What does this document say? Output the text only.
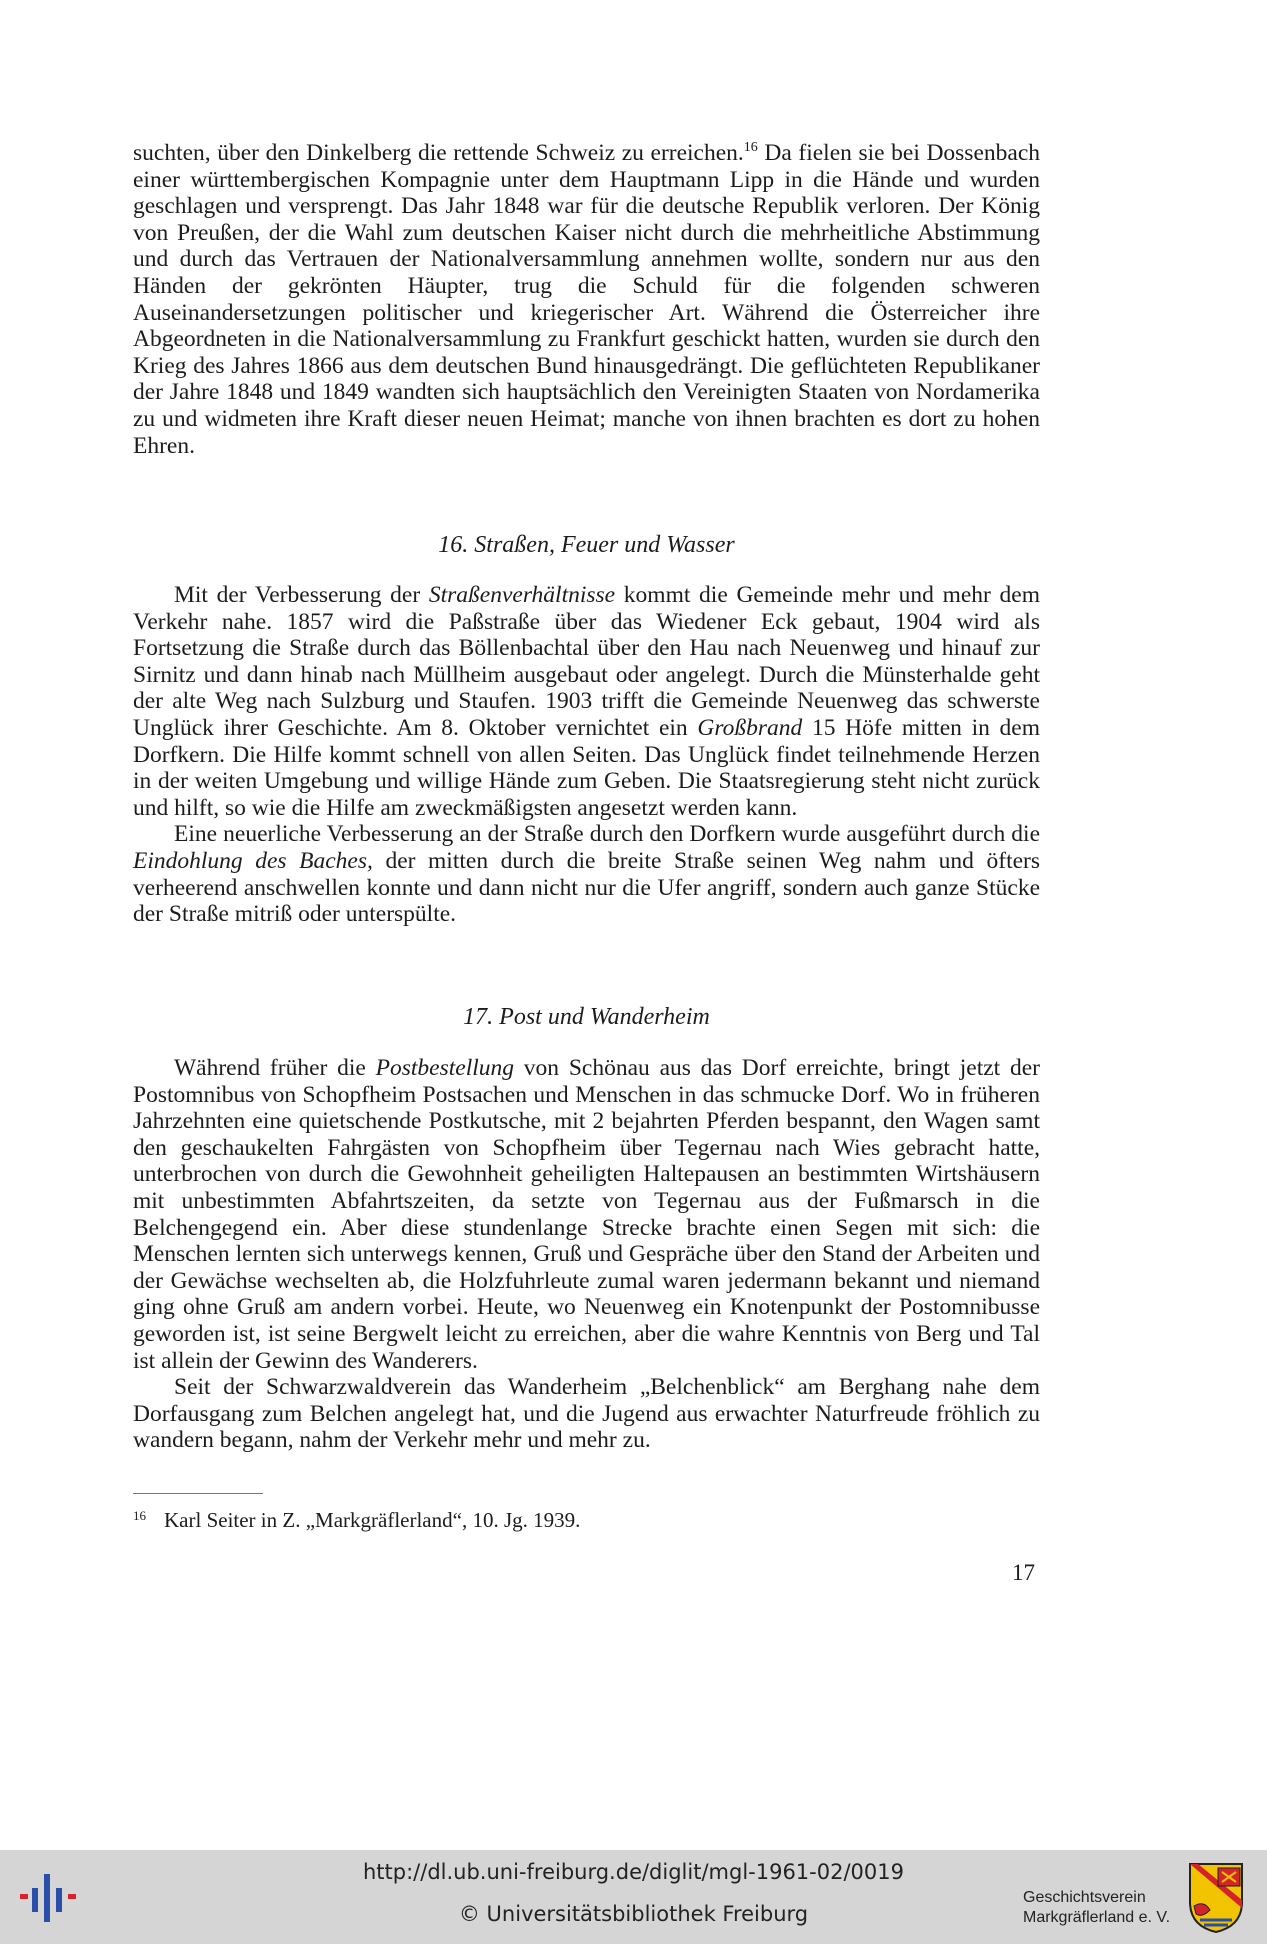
suchten, über den Dinkelberg die rettende Schweiz zu erreichen.$^{16}$ Da fielen sie bei Dossenbach einer württembergischen Kompagnie unter dem Hauptmann Lipp in die Hände und wurden geschlagen und versprengt. Das Jahr 1848 war für die deutsche Republik verloren. Der König von Preußen, der die Wahl zum deutschen Kaiser nicht durch die mehrheitliche Abstimmung und durch das Vertrauen der Nationalversammlung annehmen wollte, sondern nur aus den Händen der gekrönten Häupter, trug die Schuld für die folgenden schweren Auseinandersetzungen politischer und kriegerischer Art. Während die Österreicher ihre Abgeordneten in die Nationalversammlung zu Frankfurt geschickt hatten, wurden sie durch den Krieg des Jahres 1866 aus dem deutschen Bund hinausgedrängt. Die geflüchteten Republikaner der Jahre 1848 und 1849 wandten sich hauptsächlich den Vereinigten Staaten von Nordamerika zu und widmeten ihre Kraft dieser neuen Heimat; manche von ihnen brachten es dort zu hohen Ehren.

16. Straßen, Feuer und Wasser

Mit der Verbesserung der Straßenverhältnisse kommt die Gemeinde mehr und mehr dem Verkehr nahe. 1857 wird die Paßstraße über das Wiedener Eck gebaut, 1904 wird als Fortsetzung die Straße durch das Böllenbachtal über den Hau nach Neuenweg und hinauf zur Sirnitz und dann hinab nach Müllheim ausgebaut oder angelegt. Durch die Münsterhalde geht der alte Weg nach Sulzburg und Staufen. 1903 trifft die Gemeinde Neuenweg das schwerste Unglück ihrer Geschichte. Am 8. Oktober vernichtet ein Großbrand 15 Höfe mitten in dem Dorfkern. Die Hilfe kommt schnell von allen Seiten. Das Unglück findet teilnehmende Herzen in der weiten Umgebung und willige Hände zum Geben. Die Staatsregierung steht nicht zurück und hilft, so wie die Hilfe am zweckmäßigsten angesetzt werden kann.

Eine neuerliche Verbesserung an der Straße durch den Dorfkern wurde ausgeführt durch die Eindohlung des Baches, der mitten durch die breite Straße seinen Weg nahm und öfters verheerend anschwellen konnte und dann nicht nur die Ufer angriff, sondern auch ganze Stücke der Straße mitriß oder unterspülte.

17. Post und Wanderheim

Während früher die Postbestellung von Schönau aus das Dorf erreichte, bringt jetzt der Postomnibus von Schopfheim Postsachen und Menschen in das schmucke Dorf. Wo in früheren Jahrzehnten eine quietschende Postkutsche, mit 2 bejahrten Pferden bespannt, den Wagen samt den geschaukelten Fahrgästen von Schopfheim über Tegernau nach Wies gebracht hatte, unterbrochen von durch die Gewohnheit geheiligten Haltepausen an bestimmten Wirtshäusern mit unbestimmten Abfahrtszeiten, da setzte von Tegernau aus der Fußmarsch in die Belchengegend ein. Aber diese stundenlange Strecke brachte einen Segen mit sich: die Menschen lernten sich unterwegs kennen, Gruß und Gespräche über den Stand der Arbeiten und der Gewächse wechselten ab, die Holzfuhrleute zumal waren jedermann bekannt und niemand ging ohne Gruß am andern vorbei. Heute, wo Neuenweg ein Knotenpunkt der Postomnibusse geworden ist, ist seine Bergwelt leicht zu erreichen, aber die wahre Kenntnis von Berg und Tal ist allein der Gewinn des Wanderers.

Seit der Schwarzwaldverein das Wanderheim „Belchenblick“ am Berghang nahe dem Dorfausgang zum Belchen angelegt hat, und die Jugend aus erwachter Naturfreude fröhlich zu wandern begann, nahm der Verkehr mehr und mehr zu.

$^{16}$ Karl Seiter in Z. „Markgräflerland“, 10. Jg. 1939.

17

http://dl.ub.uni-freiburg.de/diglit/mgl-1961-02/0019

© Universitätsbibliothek Freiburg

Geschichtsverein
Markgräflerland e. V.
